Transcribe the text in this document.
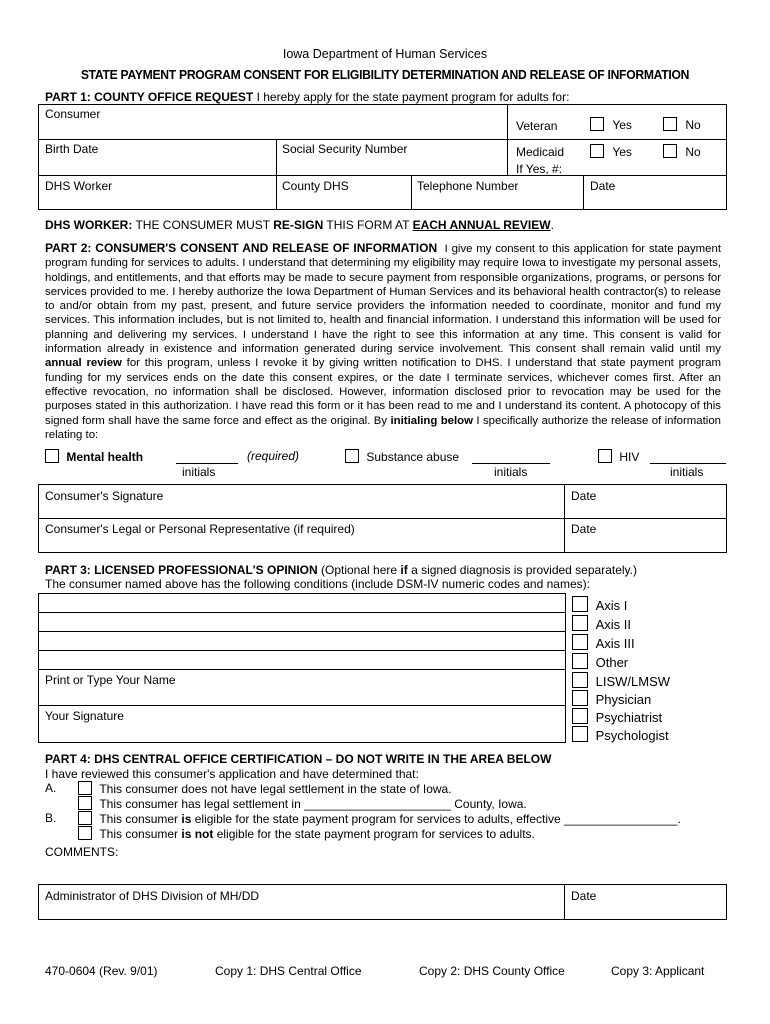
Iowa Department of Human Services
STATE PAYMENT PROGRAM CONSENT FOR ELIGIBILITY DETERMINATION AND RELEASE OF INFORMATION
PART 1: COUNTY OFFICE REQUEST I hereby apply for the state payment program for adults for:
Consumer
Veteran	Yes	No
Birth Date	Social Security Number	Medicaid	Yes	No
If Yes, #:
DHS Worker	County DHS	Telephone Number	Date
DHS WORKER: THE CONSUMER MUST RE-SIGN THIS FORM AT EACH ANNUAL REVIEW.
PART 2: CONSUMER'S CONSENT AND RELEASE OF INFORMATION I give my consent to this application for state payment program funding for services to adults. I understand that determining my eligibility may require Iowa to investigate my personal assets, holdings, and entitlements, and that efforts may be made to secure payment from responsible organizations, programs, or persons for services provided to me. I hereby authorize the Iowa Department of Human Services and its behavioral health contractor(s) to release to and/or obtain from my past, present, and future service providers the information needed to coordinate, monitor and fund my services. This information includes, but is not limited to, health and financial information. I understand this information will be used for planning and delivering my services. I understand I have the right to see this information at any time. This consent is valid for information already in existence and information generated during service involvement. This consent shall remain valid until my annual review for this program, unless I revoke it by giving written notification to DHS. I understand that state payment program funding for my services ends on the date this consent expires, or the date I terminate services, whichever comes first. After an effective revocation, no information shall be disclosed. However, information disclosed prior to revocation may be used for the purposes stated in this authorization. I have read this form or it has been read to me and I understand its content. A photocopy of this signed form shall have the same force and effect as the original. By initialing below I specifically authorize the release of information relating to:
Mental health
initials
(required)	Substance abuse
initials
HIV
initials
Consumer's Signature	Date
Consumer's Legal or Personal Representative (if required)	Date
PART 3: LICENSED PROFESSIONAL'S OPINION (Optional here if a signed diagnosis is provided separately.)
The consumer named above has the following conditions (include DSM-IV numeric codes and names):
Print or Type Your Name
Your Signature
Axis I
Axis II
Axis III
Other
LISW/LMSW
Physician
Psychiatrist
Psychologist
PART 4: DHS CENTRAL OFFICE CERTIFICATION – DO NOT WRITE IN THE AREA BELOW
I have reviewed this consumer's application and have determined that:
A.	This consumer does not have legal settlement in the state of Iowa.
This consumer has legal settlement in ______________________ County, Iowa.
B.	This consumer is eligible for the state payment program for services to adults, effective _________________.
This consumer is not eligible for the state payment program for services to adults.
COMMENTS:
Administrator of DHS Division of MH/DD	Date
470-0604 (Rev. 9/01)	Copy 1: DHS Central Office	Copy 2: DHS County Office	Copy 3: Applicant
